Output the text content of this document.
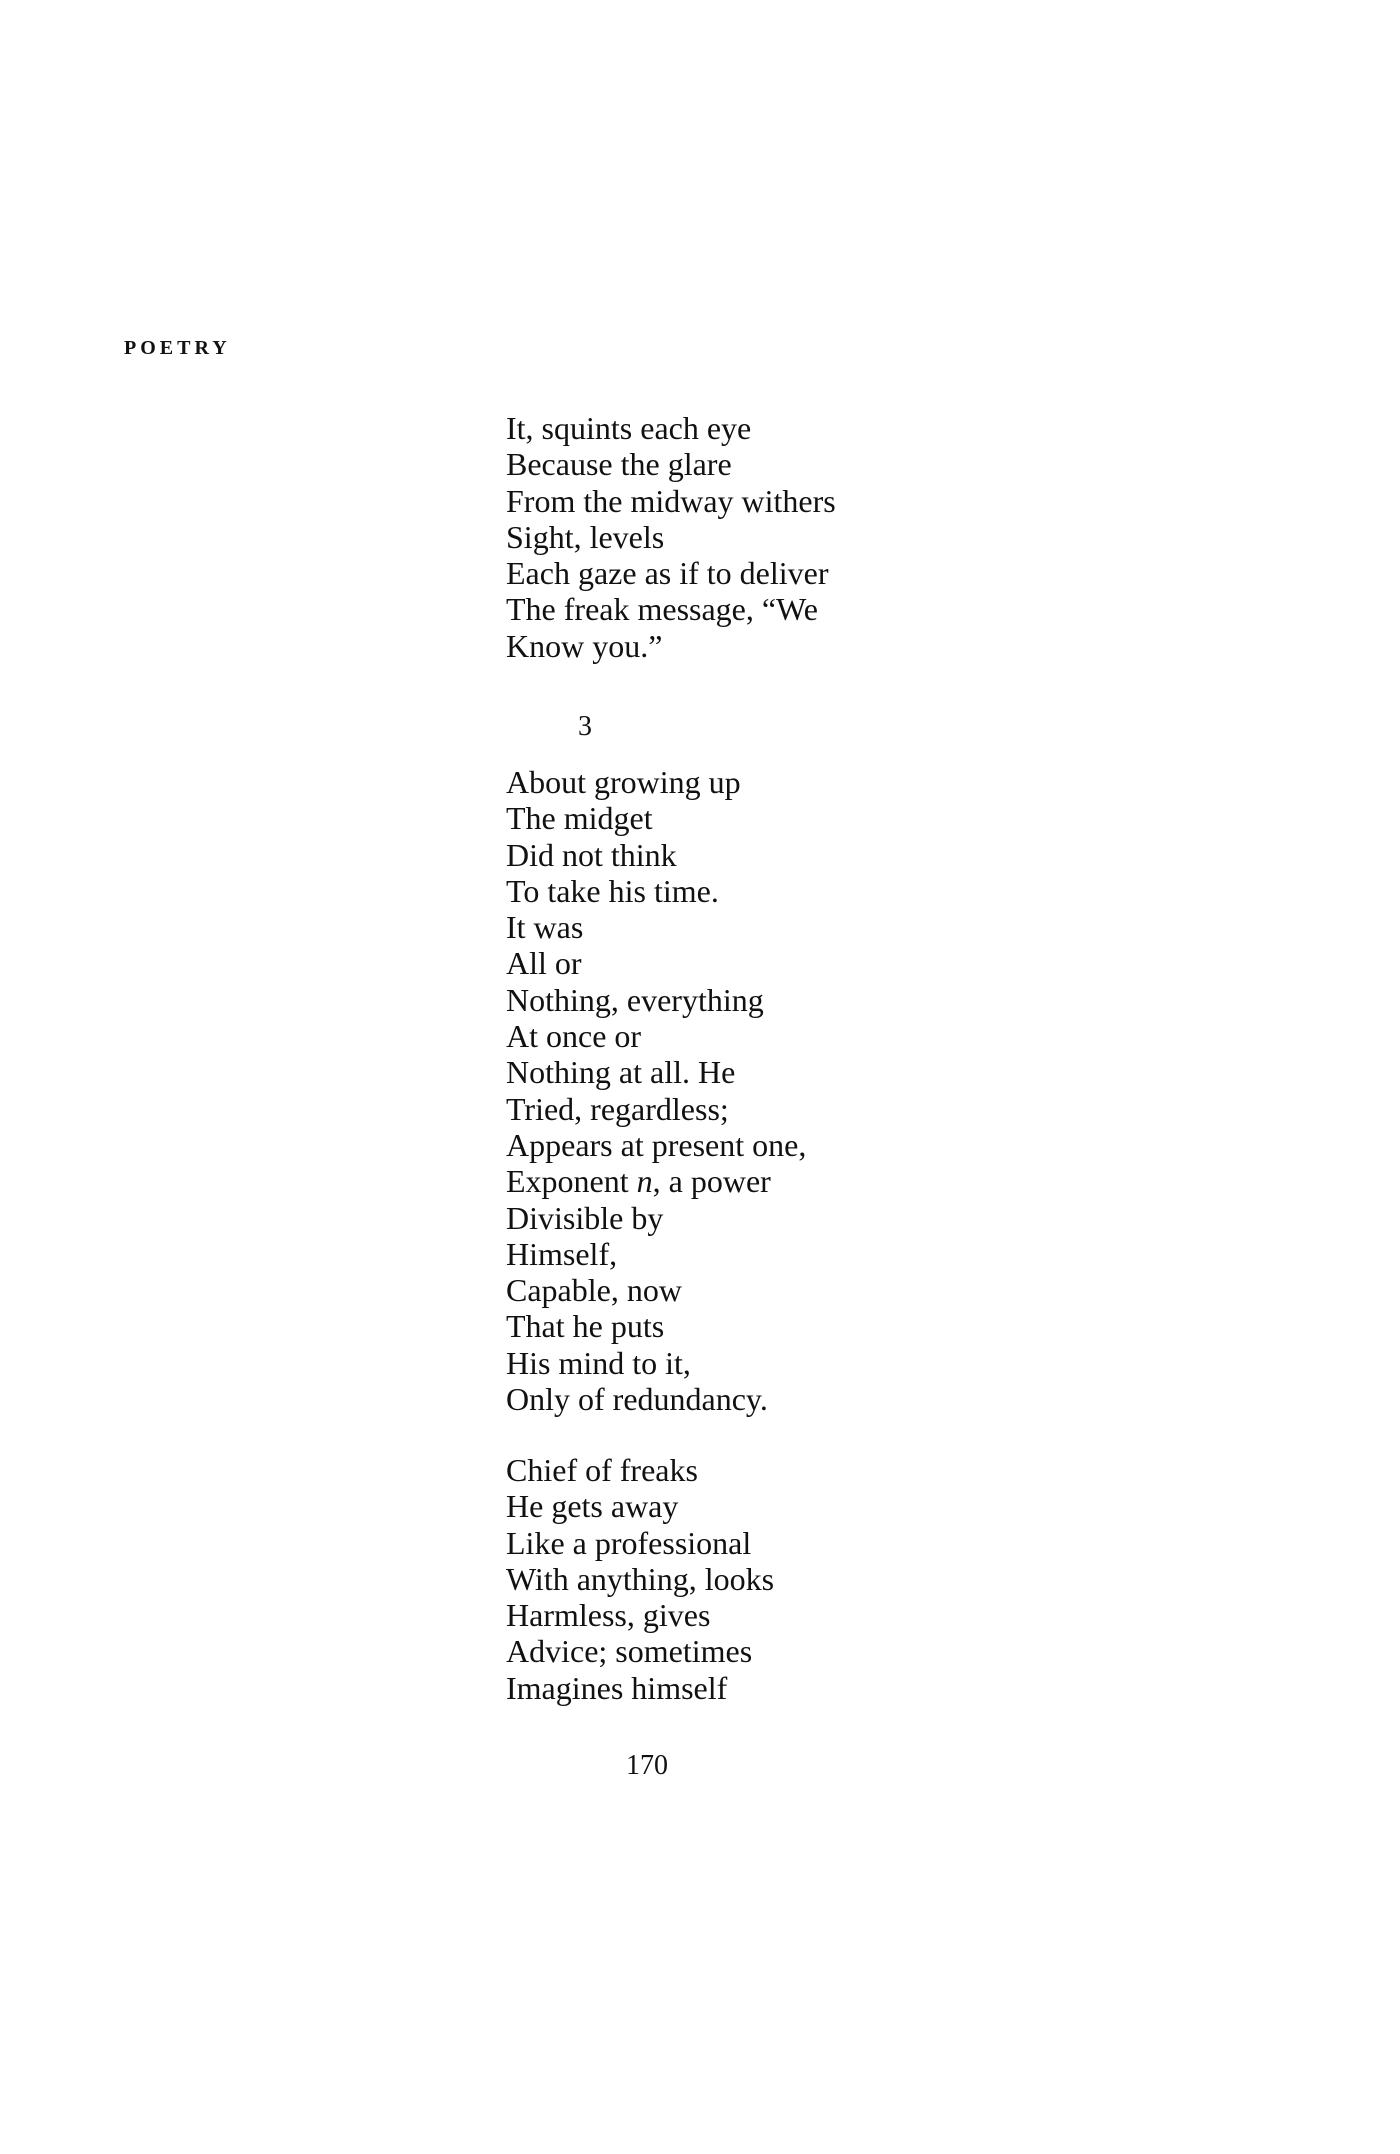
POETRY
It, squints each eye
Because the glare
From the midway withers
Sight, levels
Each gaze as if to deliver
The freak message, “We
Know you.”
3
About growing up
The midget
Did not think
To take his time.
It was
All or
Nothing, everything
At once or
Nothing at all. He
Tried, regardless;
Appears at present one,
Exponent n, a power
Divisible by
Himself,
Capable, now
That he puts
His mind to it,
Only of redundancy.
Chief of freaks
He gets away
Like a professional
With anything, looks
Harmless, gives
Advice; sometimes
Imagines himself
170
